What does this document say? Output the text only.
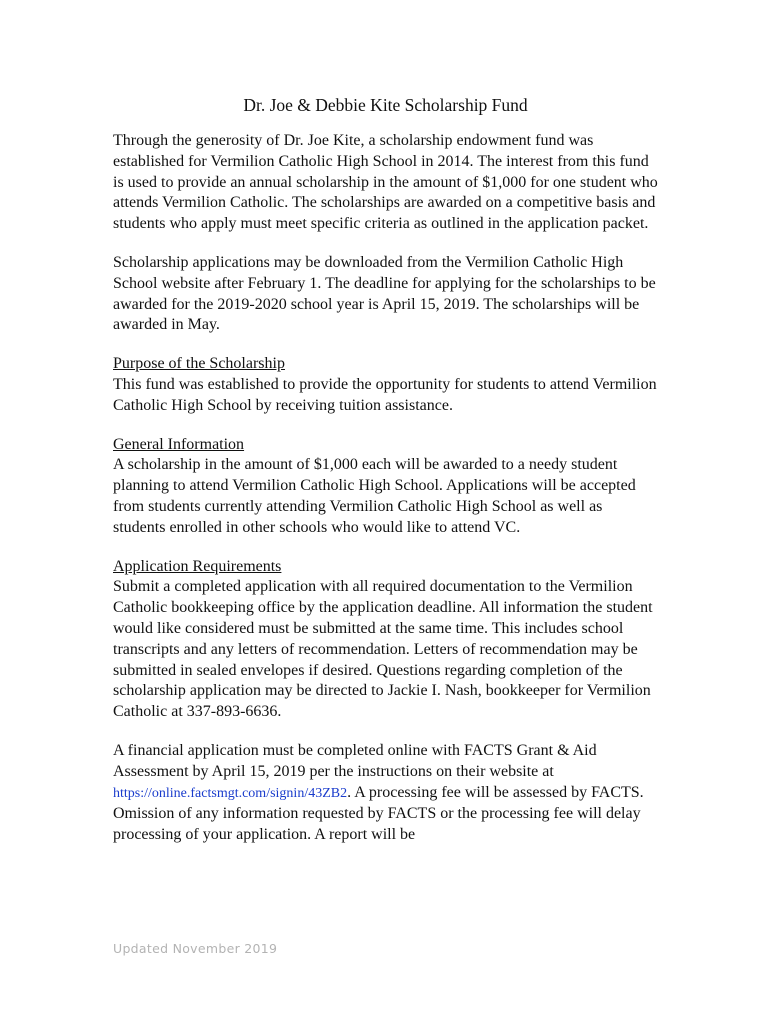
Dr. Joe & Debbie Kite Scholarship Fund

Through the generosity of Dr. Joe Kite, a scholarship endowment fund was established for Vermilion Catholic High School in 2014. The interest from this fund is used to provide an annual scholarship in the amount of $1,000 for one student who attends Vermilion Catholic. The scholarships are awarded on a competitive basis and students who apply must meet specific criteria as outlined in the application packet.

Scholarship applications may be downloaded from the Vermilion Catholic High School website after February 1. The deadline for applying for the scholarships to be awarded for the 2019-2020 school year is April 15, 2019. The scholarships will be awarded in May.

Purpose of the Scholarship

This fund was established to provide the opportunity for students to attend Vermilion Catholic High School by receiving tuition assistance.

General Information

A scholarship in the amount of $1,000 each will be awarded to a needy student planning to attend Vermilion Catholic High School. Applications will be accepted from students currently attending Vermilion Catholic High School as well as students enrolled in other schools who would like to attend VC.

Application Requirements

Submit a completed application with all required documentation to the Vermilion Catholic bookkeeping office by the application deadline. All information the student would like considered must be submitted at the same time. This includes school transcripts and any letters of recommendation. Letters of recommendation may be submitted in sealed envelopes if desired. Questions regarding completion of the scholarship application may be directed to Jackie I. Nash, bookkeeper for Vermilion Catholic at 337-893-6636.

A financial application must be completed online with FACTS Grant & Aid Assessment by April 15, 2019 per the instructions on their website at https://online.factsmgt.com/signin/43ZB2. A processing fee will be assessed by FACTS. Omission of any information requested by FACTS or the processing fee will delay processing of your application. A report will be

Updated November 2019
